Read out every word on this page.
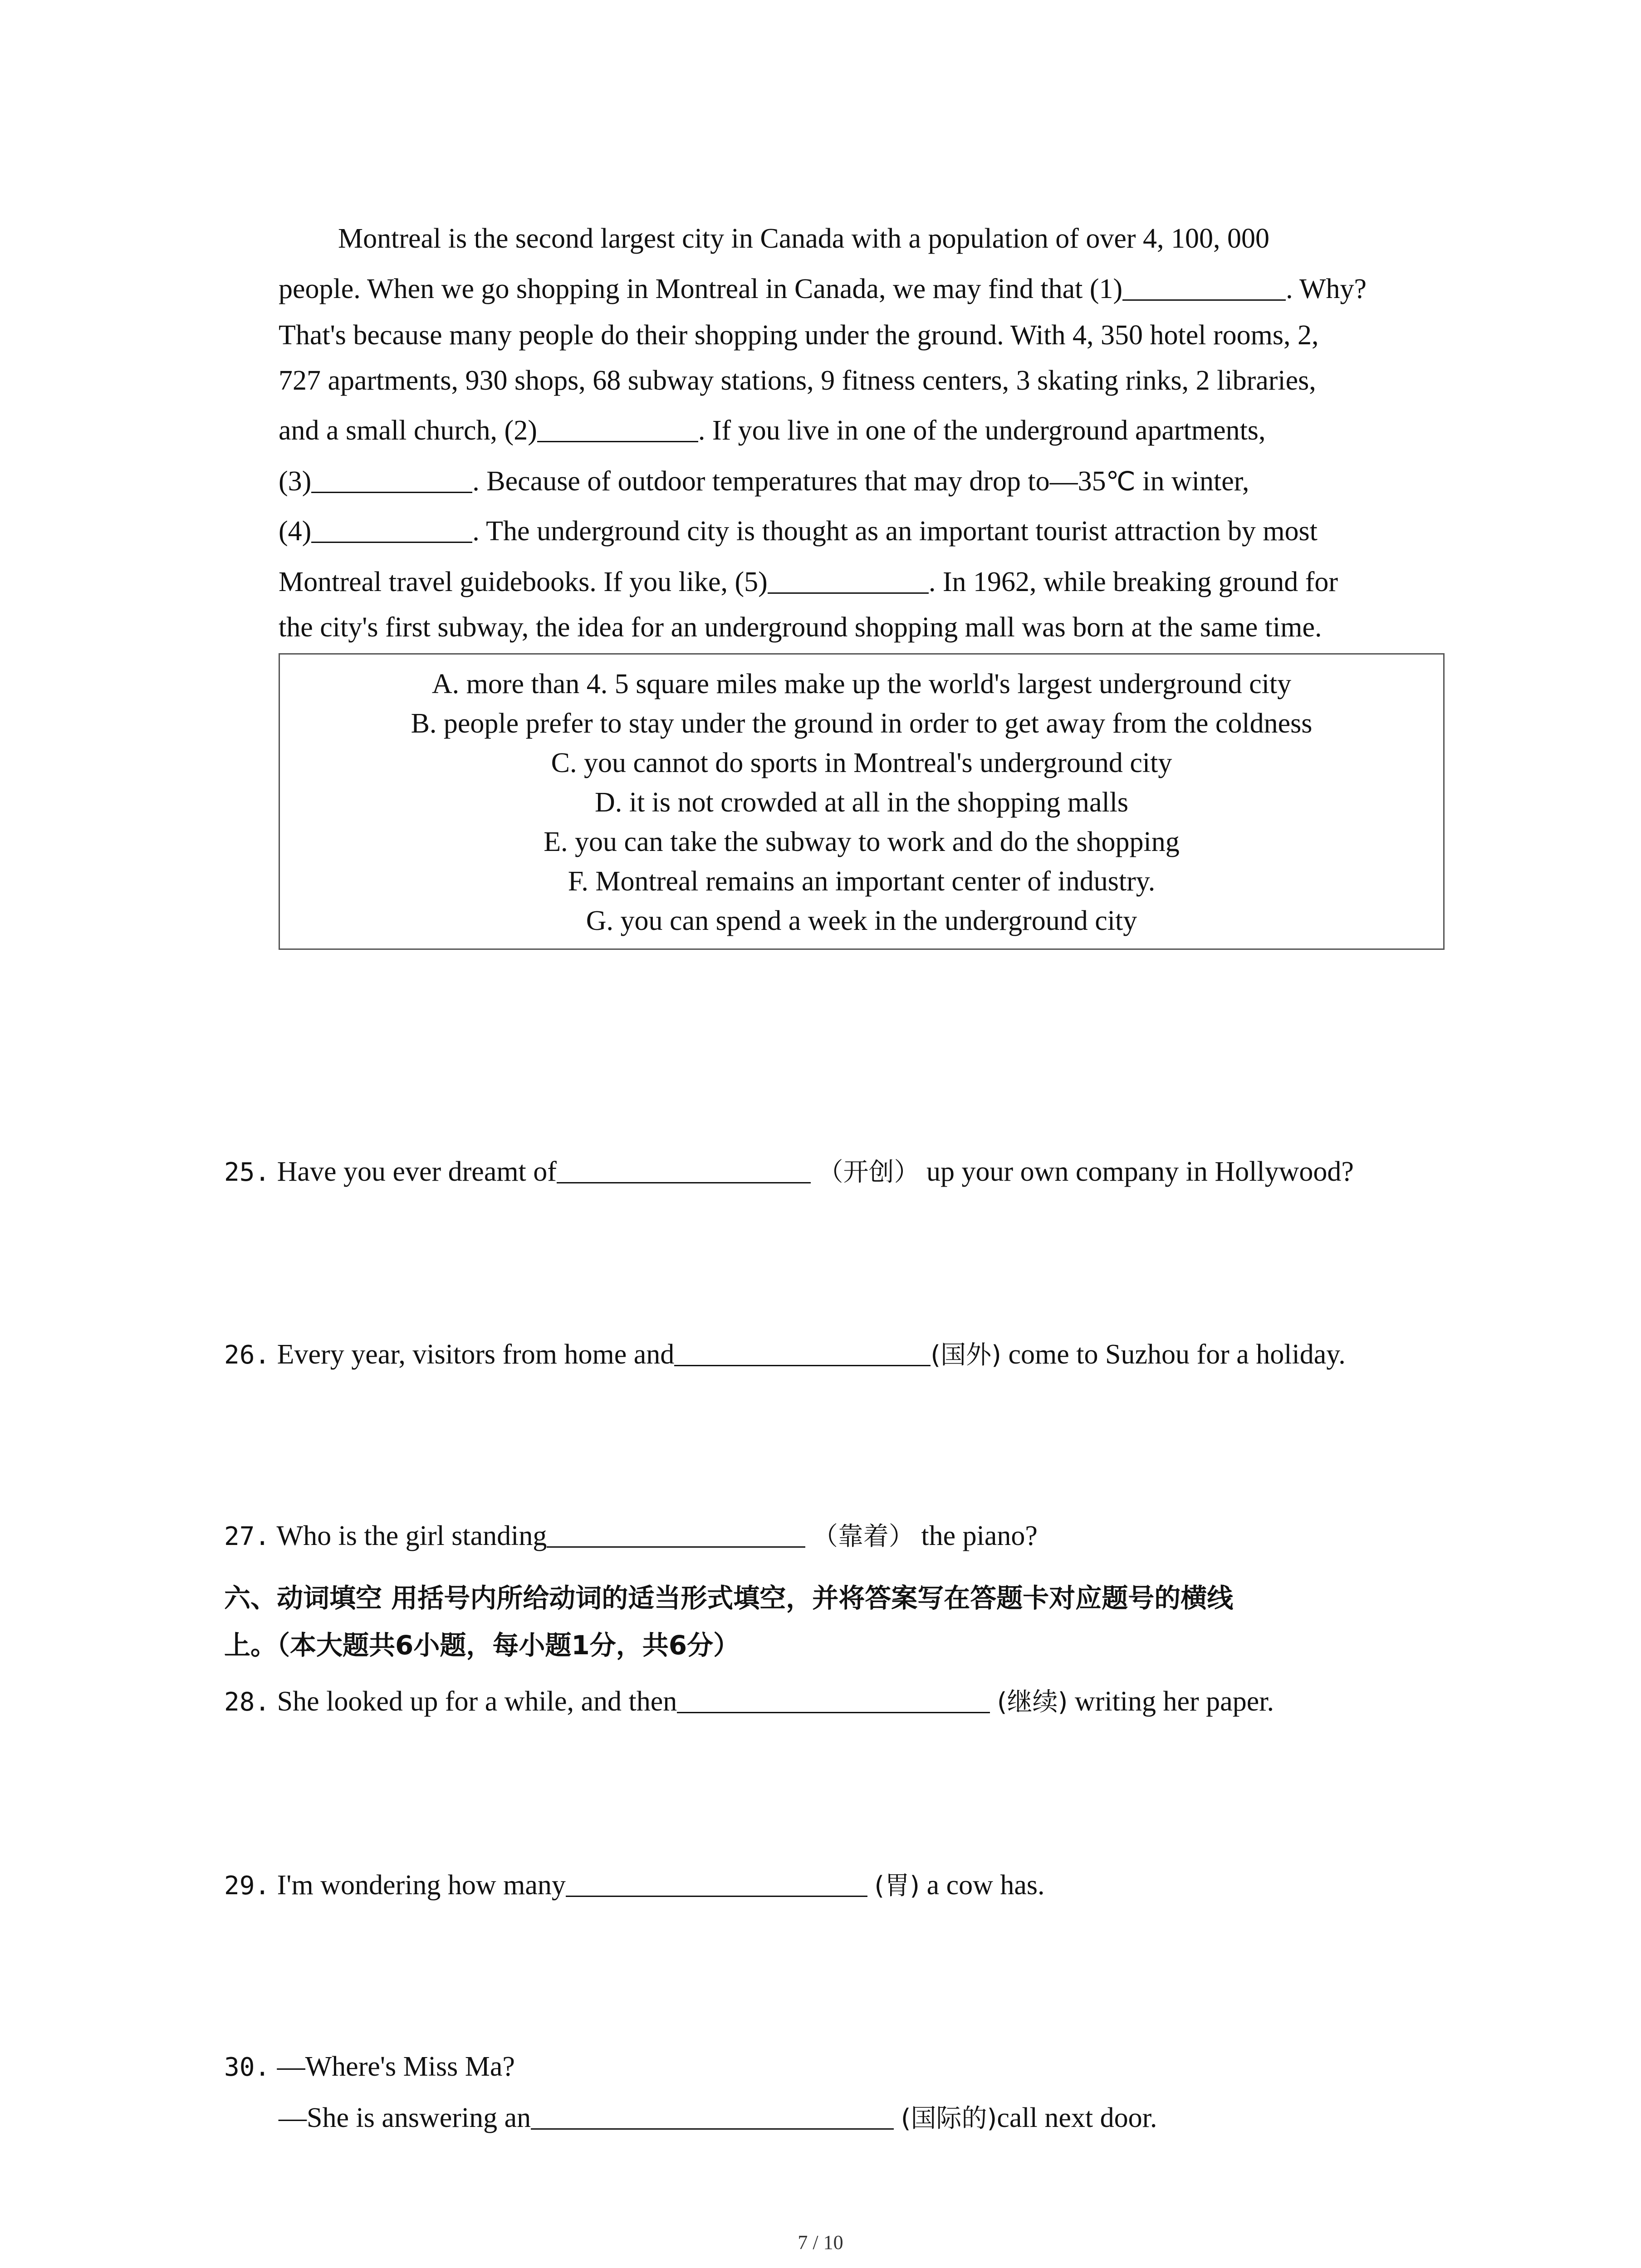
Montreal is the second largest city in Canada with a population of over 4, 100, 000
people. When we go shopping in Montreal in Canada, we may find that (1)	. Why?
That's because many people do their shopping under the ground. With 4, 350 hotel rooms, 2,
727 apartments, 930 shops, 68 subway stations, 9 fitness centers, 3 skating rinks, 2 libraries,
and a small church, (2)	. If you live in one of the underground apartments,
(3)	. Because of outdoor temperatures that may drop to—35℃ in winter,
(4)	. The underground city is thought as an important tourist attraction by most
Montreal travel guidebooks. If you like, (5)	. In 1962, while breaking ground for
the city's first subway, the idea for an underground shopping mall was born at the same time.
A. more than 4. 5 square miles make up the world's largest underground city
B. people prefer to stay under the ground in order to get away from the coldness
C. you cannot do sports in Montreal's underground city
D. it is not crowded at all in the shopping malls
E. you can take the subway to work and do the shopping
F. Montreal remains an important center of industry.
G. you can spend a week in the underground city
25. Have you ever dreamt of	（开创） up your own company in Hollywood?
26. Every year, visitors from home and	(国外) come to Suzhou for a holiday.
27. Who is the girl standing	（靠着） the piano?
六、动词填空 用括号内所给动词的适当形式填空，并将答案写在答题卡对应题号的横线
上。（本大题共6小题，每小题1分，共6分）
28. She looked up for a while, and then	(继续) writing her paper.
29. I'm wondering how many	(胃) a cow has.
30. —Where's Miss Ma?
—She is answering an	(国际的)call next door.
7 / 10
